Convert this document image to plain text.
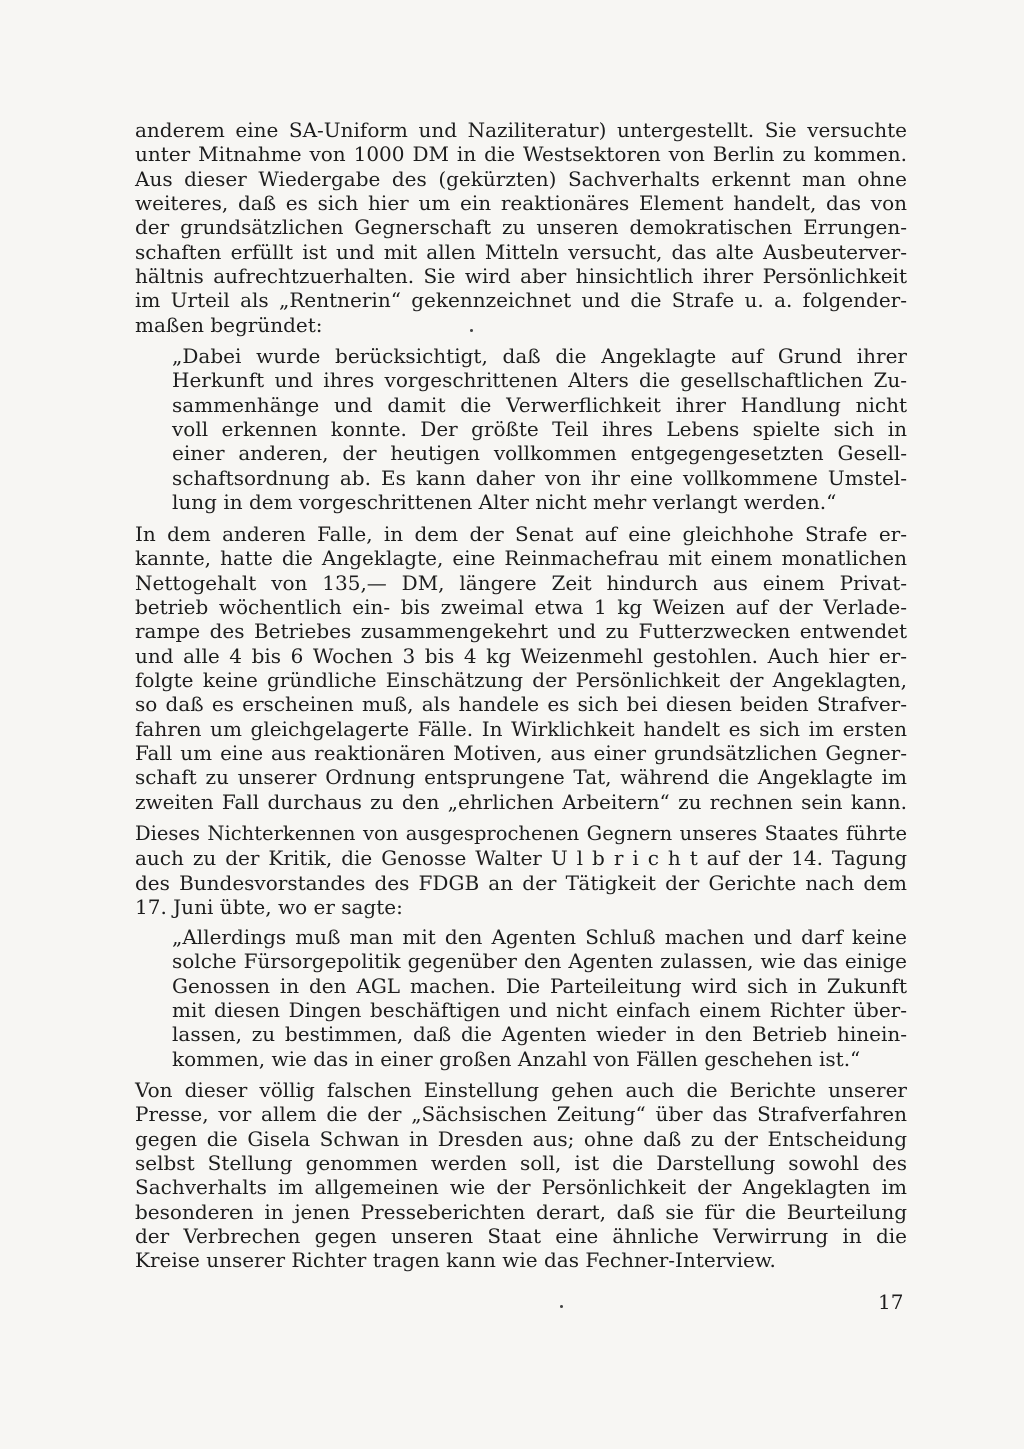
anderem eine SA-Uniform und Naziliteratur) untergestellt. Sie versuchte
unter Mitnahme von 1000 DM in die Westsektoren von Berlin zu kommen.
Aus dieser Wiedergabe des (gekürzten) Sachverhalts erkennt man ohne
weiteres, daß es sich hier um ein reaktionäres Element handelt, das von
der grundsätzlichen Gegnerschaft zu unseren demokratischen Errungen-
schaften erfüllt ist und mit allen Mitteln versucht, das alte Ausbeuterver-
hältnis aufrechtzuerhalten. Sie wird aber hinsichtlich ihrer Persönlichkeit
im Urteil als „Rentnerin“ gekennzeichnet und die Strafe u. a. folgender-
maßen begründet:
„Dabei wurde berücksichtigt, daß die Angeklagte auf Grund ihrer
Herkunft und ihres vorgeschrittenen Alters die gesellschaftlichen Zu-
sammenhänge und damit die Verwerflichkeit ihrer Handlung nicht
voll erkennen konnte. Der größte Teil ihres Lebens spielte sich in
einer anderen, der heutigen vollkommen entgegengesetzten Gesell-
schaftsordnung ab. Es kann daher von ihr eine vollkommene Umstel-
lung in dem vorgeschrittenen Alter nicht mehr verlangt werden.“
In dem anderen Falle, in dem der Senat auf eine gleichhohe Strafe er-
kannte, hatte die Angeklagte, eine Reinmachefrau mit einem monatlichen
Nettogehalt von 135,— DM, längere Zeit hindurch aus einem Privat-
betrieb wöchentlich ein- bis zweimal etwa 1 kg Weizen auf der Verlade-
rampe des Betriebes zusammengekehrt und zu Futterzwecken entwendet
und alle 4 bis 6 Wochen 3 bis 4 kg Weizenmehl gestohlen. Auch hier er-
folgte keine gründliche Einschätzung der Persönlichkeit der Angeklagten,
so daß es erscheinen muß, als handele es sich bei diesen beiden Strafver-
fahren um gleichgelagerte Fälle. In Wirklichkeit handelt es sich im ersten
Fall um eine aus reaktionären Motiven, aus einer grundsätzlichen Gegner-
schaft zu unserer Ordnung entsprungene Tat, während die Angeklagte im
zweiten Fall durchaus zu den „ehrlichen Arbeitern“ zu rechnen sein kann.
Dieses Nichterkennen von ausgesprochenen Gegnern unseres Staates führte
auch zu der Kritik, die Genosse Walter U l b r i c h t auf der 14. Tagung
des Bundesvorstandes des FDGB an der Tätigkeit der Gerichte nach dem
17. Juni übte, wo er sagte:
„Allerdings muß man mit den Agenten Schluß machen und darf keine
solche Fürsorgepolitik gegenüber den Agenten zulassen, wie das einige
Genossen in den AGL machen. Die Parteileitung wird sich in Zukunft
mit diesen Dingen beschäftigen und nicht einfach einem Richter über-
lassen, zu bestimmen, daß die Agenten wieder in den Betrieb hinein-
kommen, wie das in einer großen Anzahl von Fällen geschehen ist.“
Von dieser völlig falschen Einstellung gehen auch die Berichte unserer
Presse, vor allem die der „Sächsischen Zeitung“ über das Strafverfahren
gegen die Gisela Schwan in Dresden aus; ohne daß zu der Entscheidung
selbst Stellung genommen werden soll, ist die Darstellung sowohl des
Sachverhalts im allgemeinen wie der Persönlichkeit der Angeklagten im
besonderen in jenen Presseberichten derart, daß sie für die Beurteilung
der Verbrechen gegen unseren Staat eine ähnliche Verwirrung in die
Kreise unserer Richter tragen kann wie das Fechner-Interview.
17
